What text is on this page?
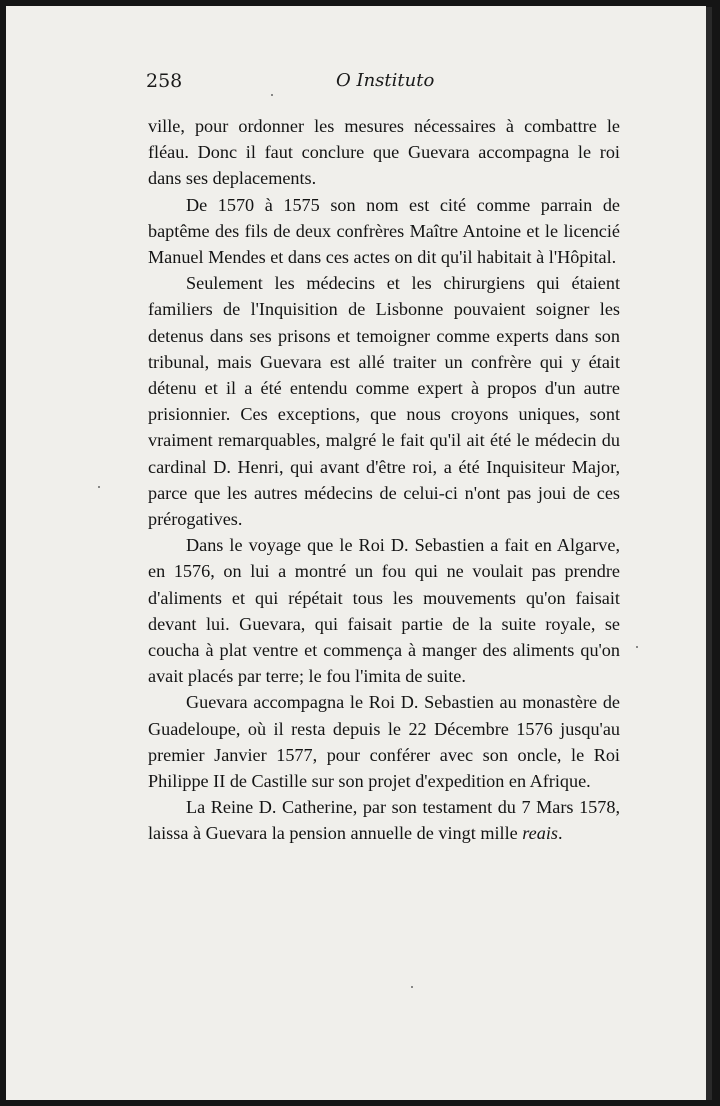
258	O Instituto

ville, pour ordonner les mesures nécessaires à combattre le fléau. Donc il faut conclure que Guevara accompagna le roi dans ses deplacements.

De 1570 à 1575 son nom est cité comme parrain de baptême des fils de deux confrères Maître Antoine et le licencié Manuel Mendes et dans ces actes on dit qu'il habitait à l'Hôpital.

Seulement les médecins et les chirurgiens qui étaient familiers de l'Inquisition de Lisbonne pouvaient soigner les detenus dans ses prisons et temoigner comme experts dans son tribunal, mais Guevara est allé traiter un confrère qui y était détenu et il a été entendu comme expert à propos d'un autre prisionnier. Ces exceptions, que nous croyons uniques, sont vraiment remarquables, malgré le fait qu'il ait été le médecin du cardinal D. Henri, qui avant d'être roi, a été Inquisiteur Major, parce que les autres médecins de celui-ci n'ont pas joui de ces prérogatives.

Dans le voyage que le Roi D. Sebastien a fait en Algarve, en 1576, on lui a montré un fou qui ne voulait pas prendre d'aliments et qui répétait tous les mouvements qu'on faisait devant lui. Guevara, qui faisait partie de la suite royale, se coucha à plat ventre et commença à manger des aliments qu'on avait placés par terre; le fou l'imita de suite.

Guevara accompagna le Roi D. Sebastien au monastère de Guadeloupe, où il resta depuis le 22 Décembre 1576 jusqu'au premier Janvier 1577, pour conférer avec son oncle, le Roi Philippe II de Castille sur son projet d'expedition en Afrique.

La Reine D. Catherine, par son testament du 7 Mars 1578, laissa à Guevara la pension annuelle de vingt mille reais.
